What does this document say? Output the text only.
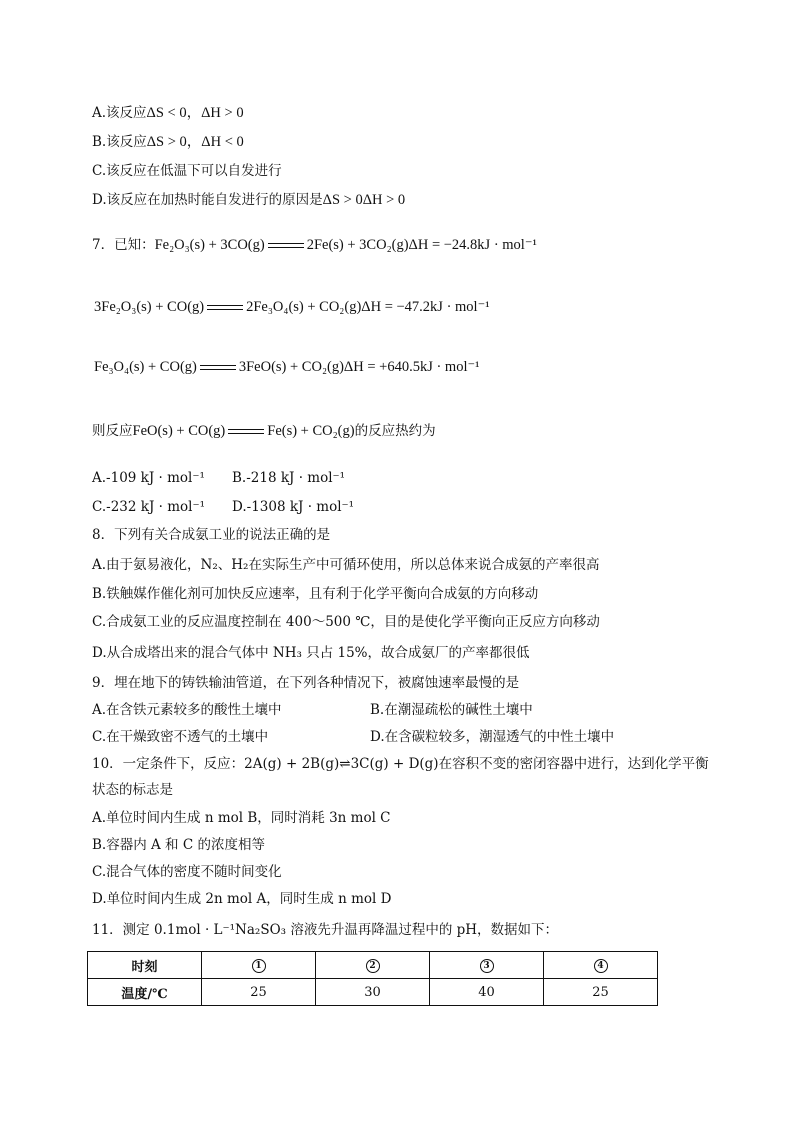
A.该反应ΔS < 0，ΔH > 0
B.该反应ΔS > 0，ΔH < 0
C.该反应在低温下可以自发进行
D.该反应在加热时能自发进行的原因是ΔS > 0ΔH > 0
7．已知：Fe₂O₃(s) + 3CO(g)	2Fe(s) + 3CO₂(g)ΔH = −24.8kJ · mol⁻¹
3Fe₂O₃(s) + CO(g)	2Fe₃O₄(s) + CO₂(g)ΔH = −47.2kJ · mol⁻¹
Fe₃O₄(s) + CO(g)	3FeO(s) + CO₂(g)ΔH = +640.5kJ · mol⁻¹
则反应FeO(s) + CO(g)	Fe(s) + CO₂(g)的反应热约为
A.-109 kJ · mol⁻¹ B.-218 kJ · mol⁻¹
C.-232 kJ · mol⁻¹ D.-1308 kJ · mol⁻¹
8．下列有关合成氨工业的说法正确的是
A.由于氨易液化，N₂、H₂在实际生产中可循环使用，所以总体来说合成氨的产率很高
B.铁触媒作催化剂可加快反应速率，且有利于化学平衡向合成氨的方向移动
C.合成氨工业的反应温度控制在 400～500 ℃，目的是使化学平衡向正反应方向移动
D.从合成塔出来的混合气体中 NH₃ 只占 15%，故合成氨厂的产率都很低
9．埋在地下的铸铁输油管道，在下列各种情况下，被腐蚀速率最慢的是
A.在含铁元素较多的酸性土壤中	B.在潮湿疏松的碱性土壤中
C.在干燥致密不透气的土壤中	D.在含碳粒较多，潮湿透气的中性土壤中
10．一定条件下，反应：2A(g) + 2B(g)⇌3C(g) + D(g)在容积不变的密闭容器中进行，达到化学平衡
状态的标志是
A.单位时间内生成 n mol B，同时消耗 3n mol C
B.容器内 A 和 C 的浓度相等
C.混合气体的密度不随时间变化
D.单位时间内生成 2n mol A，同时生成 n mol D
11．测定 0.1mol · L⁻¹Na₂SO₃ 溶液先升温再降温过程中的 pH，数据如下：
时刻	1	2	3	4
温度/℃	25	30	40	25
